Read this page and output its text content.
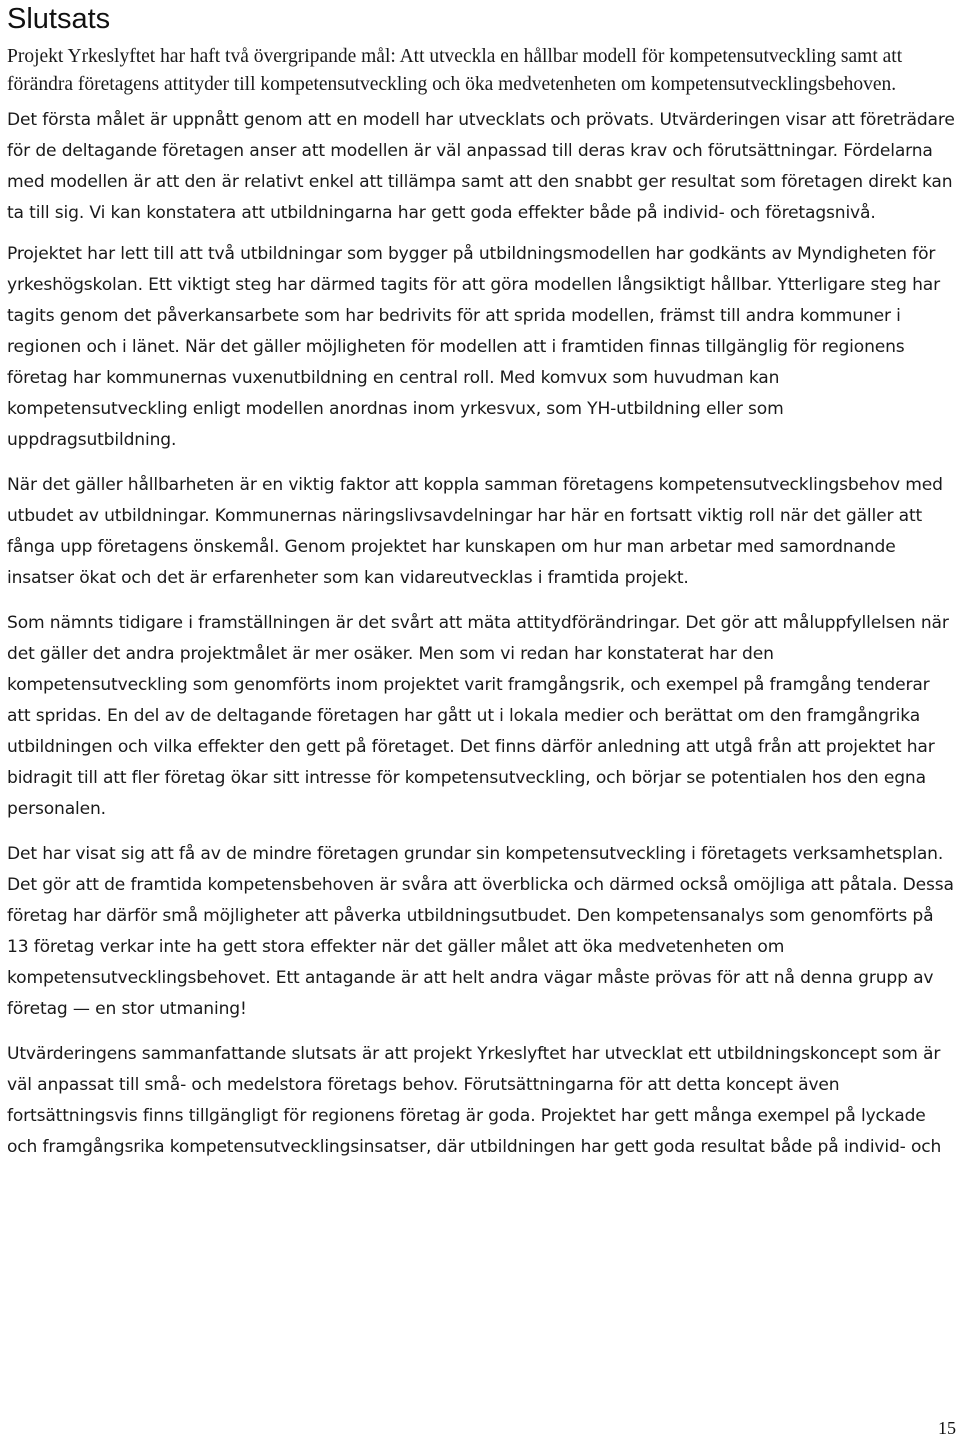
Slutsats

Projekt Yrkeslyftet har haft två övergripande mål: Att utveckla en hållbar modell för kompetensutveckling samt att förändra företagens attityder till kompetensutveckling och öka medvetenheten om kompetensutvecklingsbehoven.

Det första målet är uppnått genom att en modell har utvecklats och prövats. Utvärderingen visar att företrädare för de deltagande företagen anser att modellen är väl anpassad till deras krav och förutsättningar. Fördelarna med modellen är att den är relativt enkel att tillämpa samt att den snabbt ger resultat som företagen direkt kan ta till sig. Vi kan konstatera att utbildningarna har gett goda effekter både på individ- och företagsnivå.

Projektet har lett till att två utbildningar som bygger på utbildningsmodellen har godkänts av Myndigheten för yrkeshögskolan. Ett viktigt steg har därmed tagits för att göra modellen långsiktigt hållbar. Ytterligare steg har tagits genom det påverkansarbete som har bedrivits för att sprida modellen, främst till andra kommuner i regionen och i länet. När det gäller möjligheten för modellen att i framtiden finnas tillgänglig för regionens företag har kommunernas vuxenutbildning en central roll. Med komvux som huvudman kan kompetensutveckling enligt modellen anordnas inom yrkesvux, som YH-utbildning eller som uppdragsutbildning.

När det gäller hållbarheten är en viktig faktor att koppla samman företagens kompetensutvecklingsbehov med utbudet av utbildningar. Kommunernas näringslivsavdelningar har här en fortsatt viktig roll när det gäller att fånga upp företagens önskemål. Genom projektet har kunskapen om hur man arbetar med samordnande insatser ökat och det är erfarenheter som kan vidareutvecklas i framtida projekt.

Som nämnts tidigare i framställningen är det svårt att mäta attitydförändringar. Det gör att måluppfyllelsen när det gäller det andra projektmålet är mer osäker. Men som vi redan har konstaterat har den kompetensutveckling som genomförts inom projektet varit framgångsrik, och exempel på framgång tenderar att spridas. En del av de deltagande företagen har gått ut i lokala medier och berättat om den framgångrika utbildningen och vilka effekter den gett på företaget. Det finns därför anledning att utgå från att projektet har bidragit till att fler företag ökar sitt intresse för kompetensutveckling, och börjar se potentialen hos den egna personalen.

Det har visat sig att få av de mindre företagen grundar sin kompetensutveckling i företagets verksamhetsplan. Det gör att de framtida kompetensbehoven är svåra att överblicka och därmed också omöjliga att påtala. Dessa företag har därför små möjligheter att påverka utbildningsutbudet. Den kompetensanalys som genomförts på 13 företag verkar inte ha gett stora effekter när det gäller målet att öka medvetenheten om kompetensutvecklingsbehovet. Ett antagande är att helt andra vägar måste prövas för att nå denna grupp av företag — en stor utmaning!

Utvärderingens sammanfattande slutsats är att projekt Yrkeslyftet har utvecklat ett utbildningskoncept som är väl anpassat till små- och medelstora företags behov. Förutsättningarna för att detta koncept även fortsättningsvis finns tillgängligt för regionens företag är goda. Projektet har gett många exempel på lyckade och framgångsrika kompetensutvecklingsinsatser, där utbildningen har gett goda resultat både på individ- och

15
